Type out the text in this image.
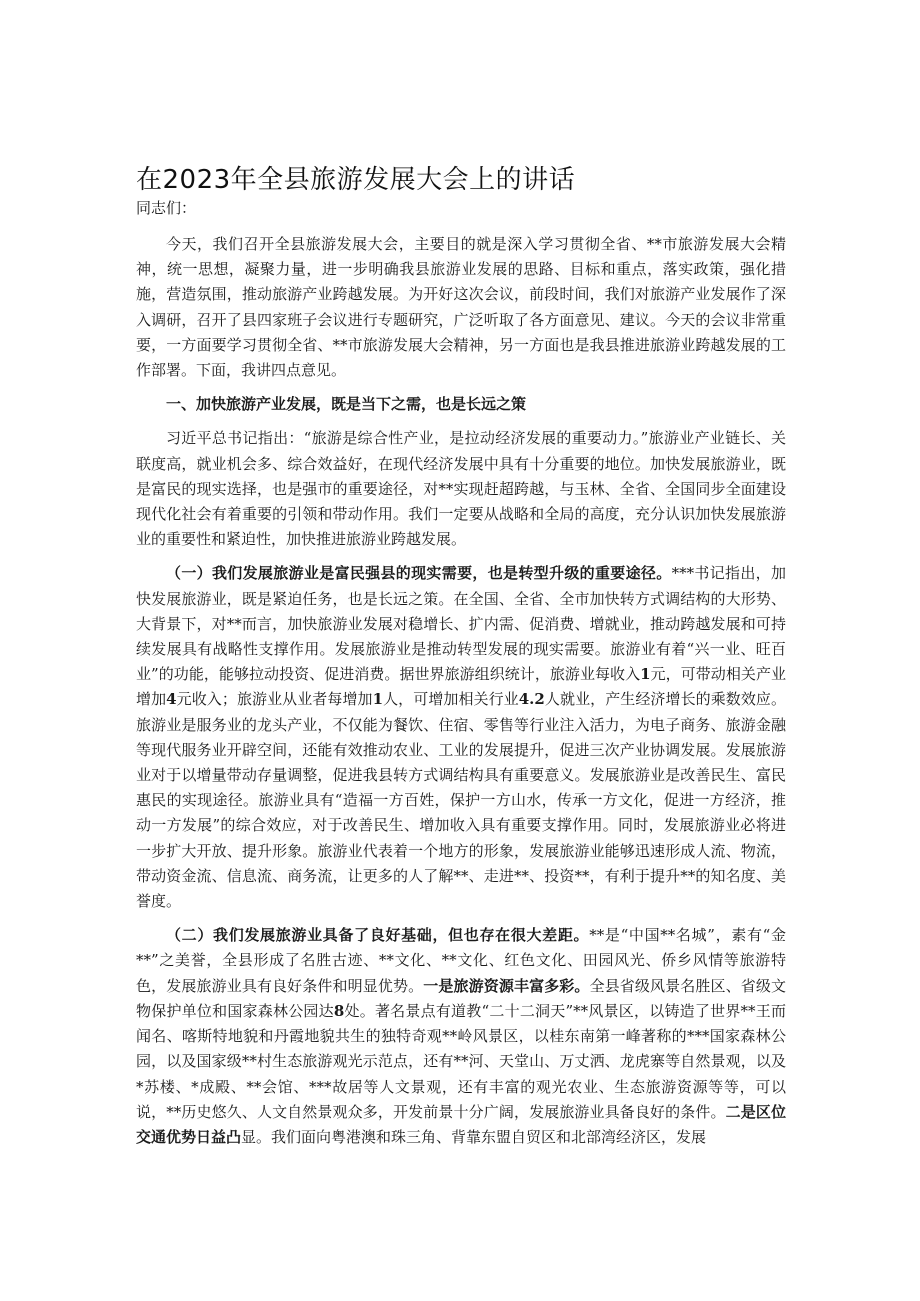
在2023年全县旅游发展大会上的讲话
同志们：

今天，我们召开全县旅游发展大会，主要目的就是深入学习贯彻全省、**市旅游发展大会精神，统一思想，凝聚力量，进一步明确我县旅游业发展的思路、目标和重点，落实政策，强化措施，营造氛围，推动旅游产业跨越发展。为开好这次会议，前段时间，我们对旅游产业发展作了深入调研，召开了县四家班子会议进行专题研究，广泛听取了各方面意见、建议。今天的会议非常重要，一方面要学习贯彻全省、**市旅游发展大会精神，另一方面也是我县推进旅游业跨越发展的工作部署。下面，我讲四点意见。

一、加快旅游产业发展，既是当下之需，也是长远之策

习近平总书记指出：“旅游是综合性产业，是拉动经济发展的重要动力。”旅游业产业链长、关联度高，就业机会多、综合效益好，在现代经济发展中具有十分重要的地位。加快发展旅游业，既是富民的现实选择，也是强市的重要途径，对**实现赶超跨越，与玉林、全省、全国同步全面建设现代化社会有着重要的引领和带动作用。我们一定要从战略和全局的高度，充分认识加快发展旅游业的重要性和紧迫性，加快推进旅游业跨越发展。

（一）我们发展旅游业是富民强县的现实需要，也是转型升级的重要途径。***书记指出，加快发展旅游业，既是紧迫任务，也是长远之策。在全国、全省、全市加快转方式调结构的大形势、大背景下，对**而言，加快旅游业发展对稳增长、扩内需、促消费、增就业，推动跨越发展和可持续发展具有战略性支撑作用。发展旅游业是推动转型发展的现实需要。旅游业有着“兴一业、旺百业”的功能，能够拉动投资、促进消费。据世界旅游组织统计，旅游业每收入1元，可带动相关产业增加4元收入；旅游业从业者每增加1人，可增加相关行业4.2人就业，产生经济增长的乘数效应。旅游业是服务业的龙头产业，不仅能为餐饮、住宿、零售等行业注入活力，为电子商务、旅游金融等现代服务业开辟空间，还能有效推动农业、工业的发展提升，促进三次产业协调发展。发展旅游业对于以增量带动存量调整，促进我县转方式调结构具有重要意义。发展旅游业是改善民生、富民惠民的实现途径。旅游业具有“造福一方百姓，保护一方山水，传承一方文化，促进一方经济，推动一方发展”的综合效应，对于改善民生、增加收入具有重要支撑作用。同时，发展旅游业必将进一步扩大开放、提升形象。旅游业代表着一个地方的形象，发展旅游业能够迅速形成人流、物流，带动资金流、信息流、商务流，让更多的人了解**、走进**、投资**，有利于提升**的知名度、美誉度。

（二）我们发展旅游业具备了良好基础，但也存在很大差距。**是“中国**名城”，素有“金**”之美誉，全县形成了名胜古迹、**文化、**文化、红色文化、田园风光、侨乡风情等旅游特色，发展旅游业具有良好条件和明显优势。一是旅游资源丰富多彩。全县省级风景名胜区、省级文物保护单位和国家森林公园达8处。著名景点有道教“二十二洞天”**风景区，以铸造了世界**王而闻名、喀斯特地貌和丹霞地貌共生的独特奇观**岭风景区，以桂东南第一峰著称的***国家森林公园，以及国家级**村生态旅游观光示范点，还有**河、天堂山、万丈洒、龙虎寨等自然景观，以及*苏楼、*成殿、**会馆、***故居等人文景观，还有丰富的观光农业、生态旅游资源等等，可以说，**历史悠久、人文自然景观众多，开发前景十分广阔，发展旅游业具备良好的条件。二是区位交通优势日益凸显。我们面向粤港澳和珠三角、背靠东盟自贸区和北部湾经济区，发展
